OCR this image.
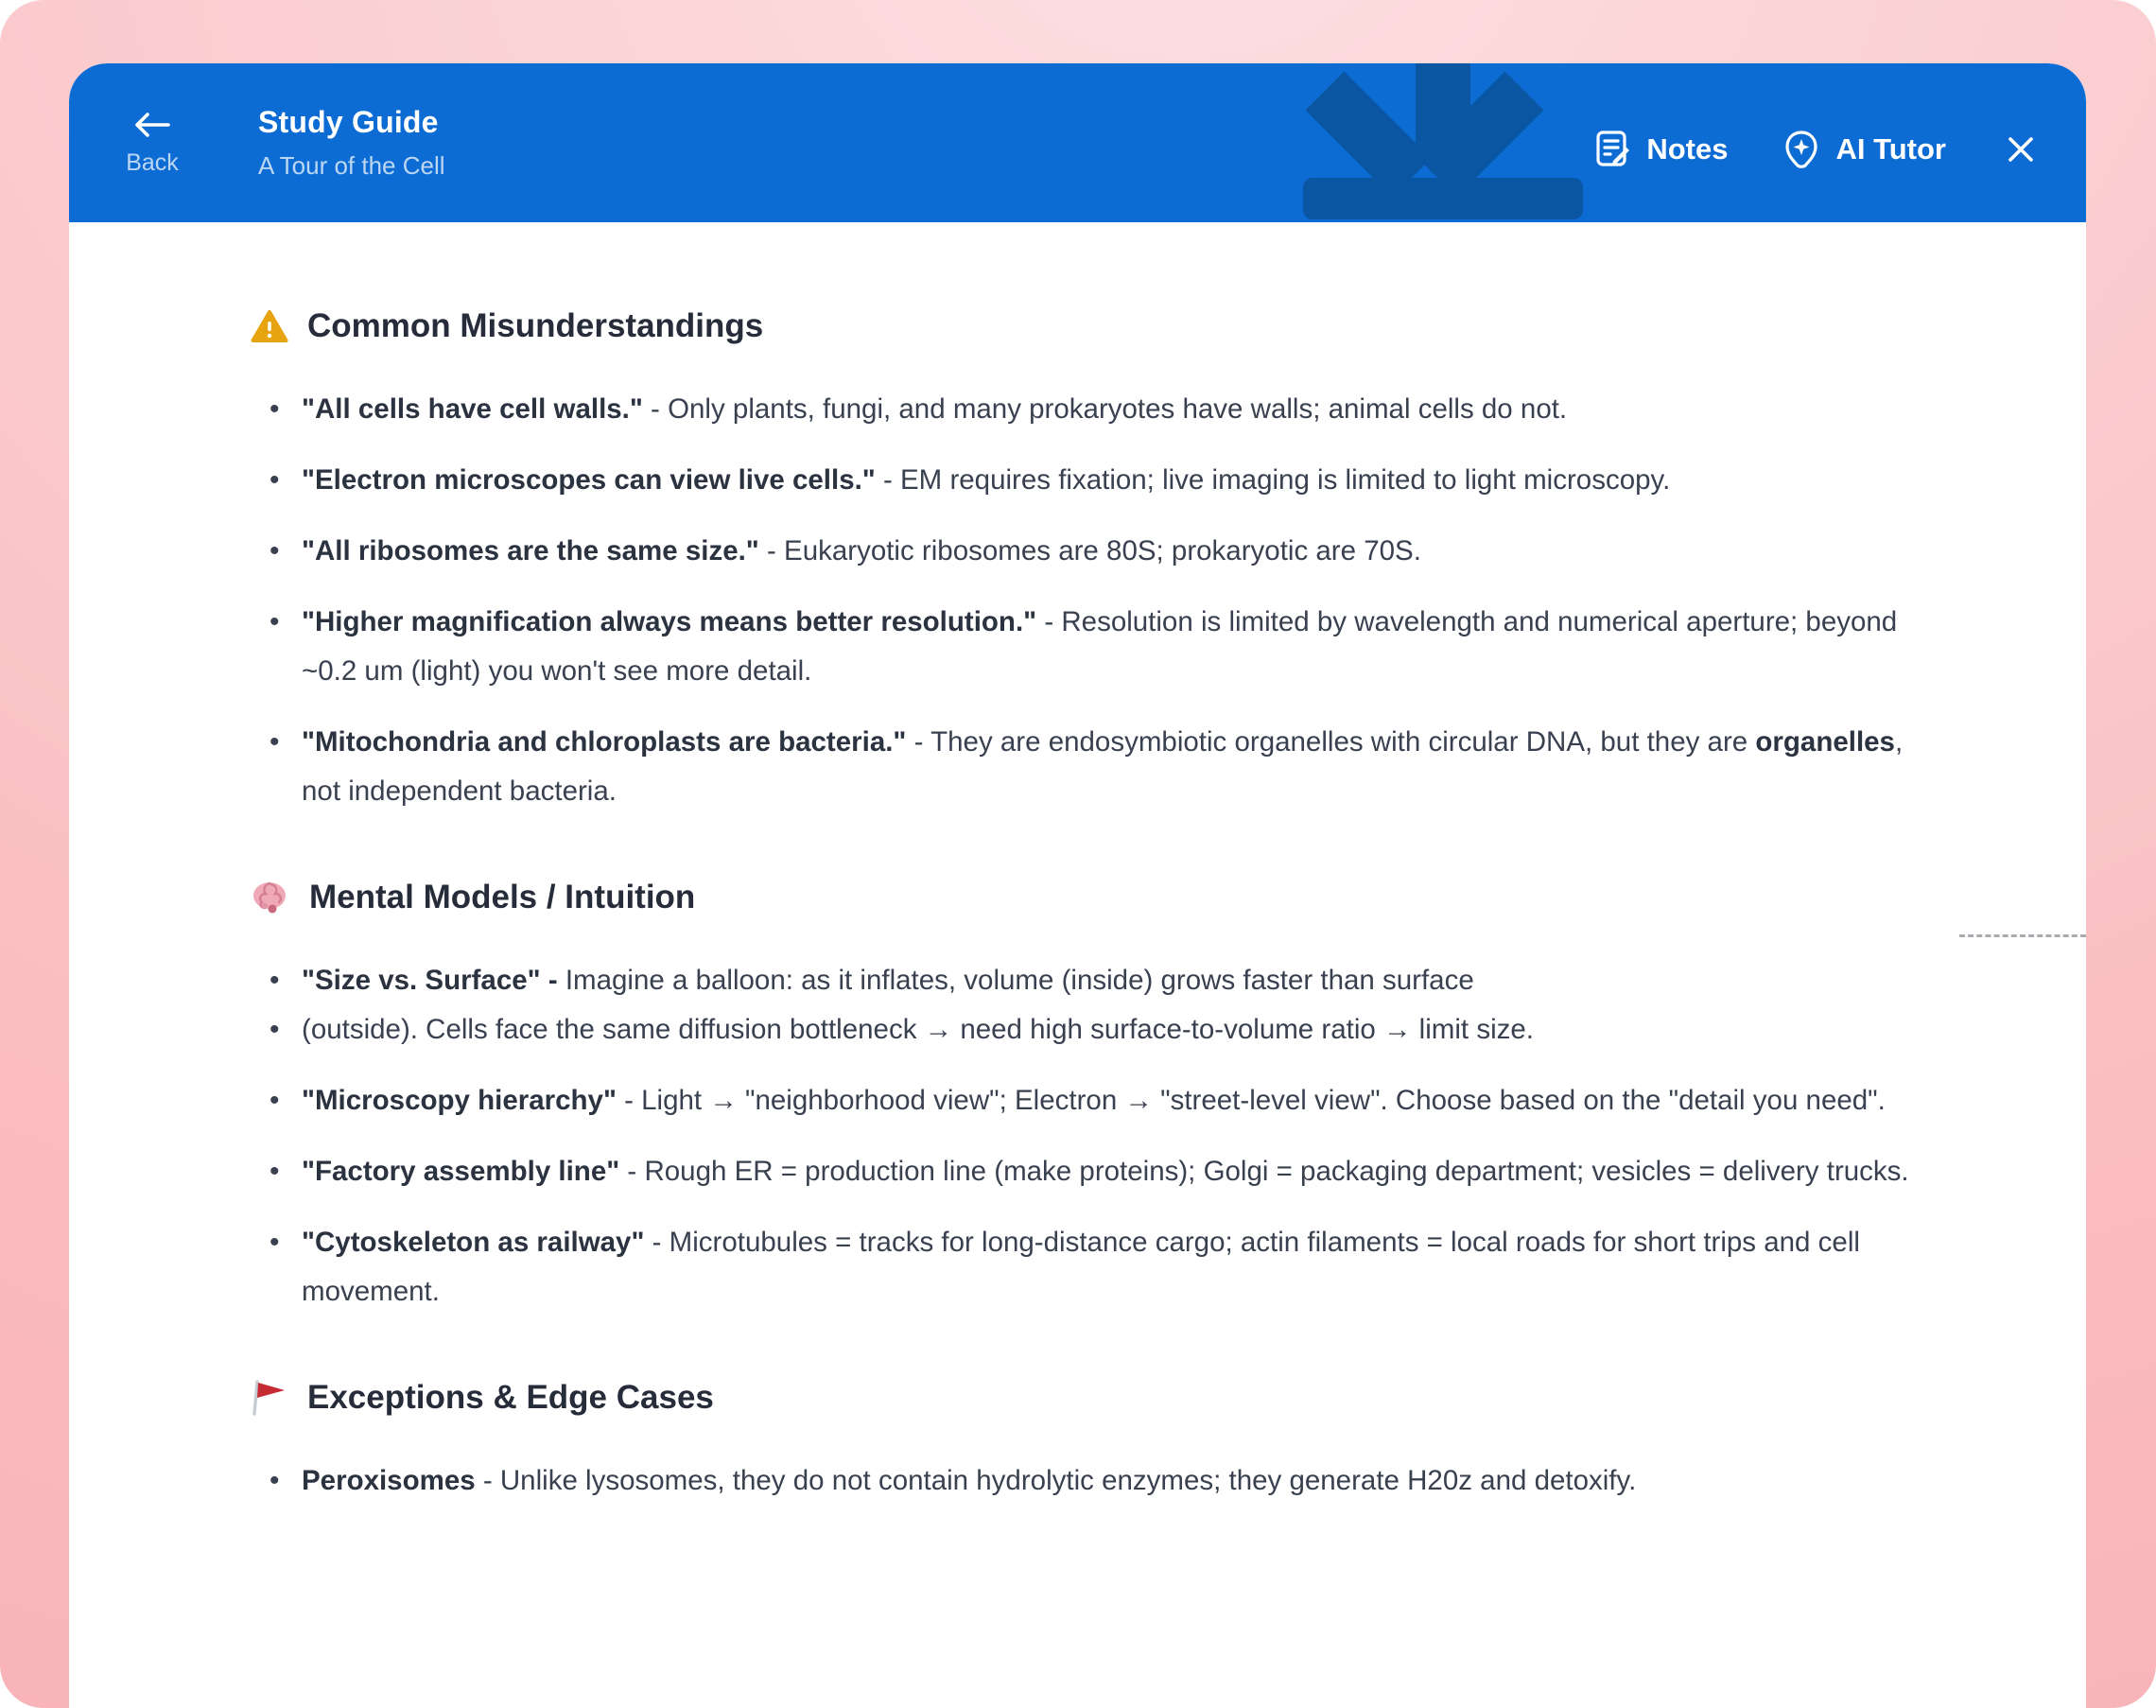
Back
Study Guide
A Tour of the Cell	Notes	AI Tutor
Common Misunderstandings
• "All cells have cell walls." - Only plants, fungi, and many prokaryotes have walls; animal cells do not.
• "Electron microscopes can view live cells." - EM requires fixation; live imaging is limited to light microscopy.
• "All ribosomes are the same size." - Eukaryotic ribosomes are 80S; prokaryotic are 70S.
• "Higher magnification always means better resolution." - Resolution is limited by wavelength and numerical aperture; beyond ~0.2 um (light) you won't see more detail.
• "Mitochondria and chloroplasts are bacteria." - They are endosymbiotic organelles with circular DNA, but they are organelles, not independent bacteria.
Mental Models / Intuition
• "Size vs. Surface" - Imagine a balloon: as it inflates, volume (inside) grows faster than surface
• (outside). Cells face the same diffusion bottleneck → need high surface-to-volume ratio → limit size.
• "Microscopy hierarchy" - Light → "neighborhood view"; Electron → "street-level view". Choose based on the "detail you need".
• "Factory assembly line" - Rough ER = production line (make proteins); Golgi = packaging department; vesicles = delivery trucks.
• "Cytoskeleton as railway" - Microtubules = tracks for long-distance cargo; actin filaments = local roads for short trips and cell movement.
Exceptions & Edge Cases
• Peroxisomes - Unlike lysosomes, they do not contain hydrolytic enzymes; they generate H20z and detoxify.
